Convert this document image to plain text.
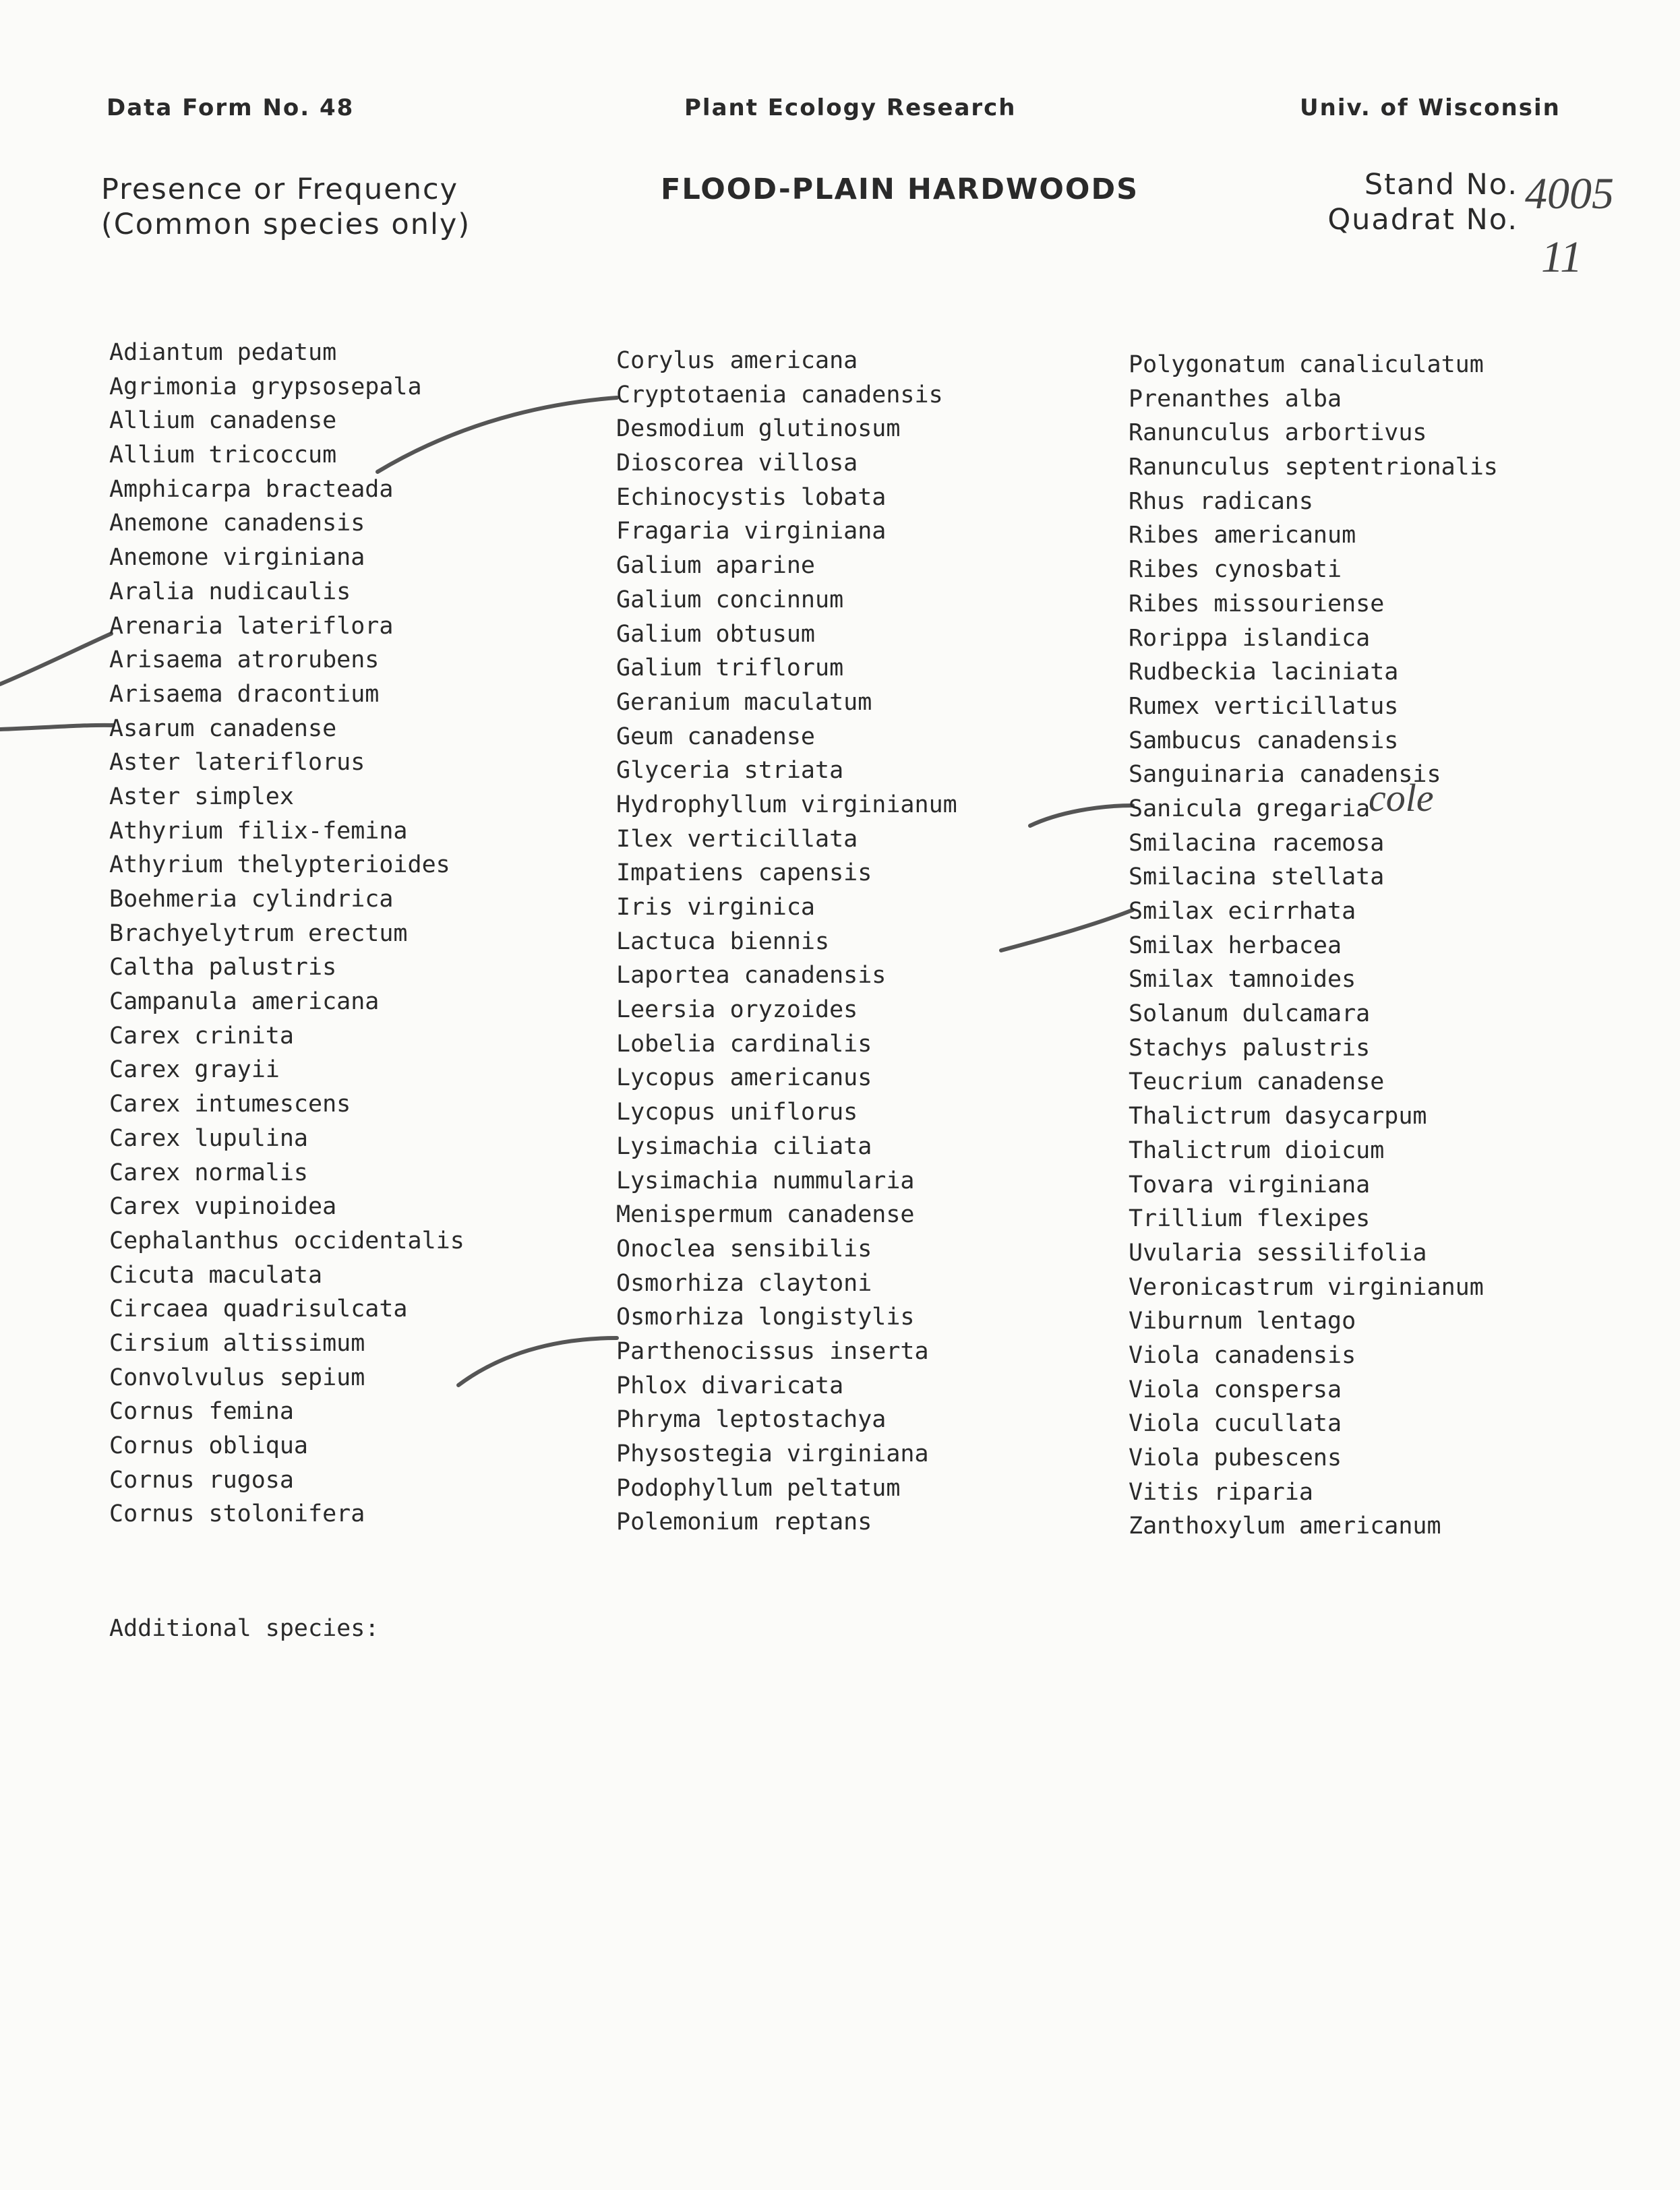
Data Form No. 48	Plant Ecology Research	Univ. of Wisconsin
Presence or Frequency
(Common species only)
FLOOD-PLAIN HARDWOODS	Stand No.
Quadrat No.
4005
11
cole
Adiantum pedatum
Agrimonia grypsosepala
Allium canadense
Allium tricoccum
Amphicarpa bracteada
Anemone canadensis
Anemone virginiana
Aralia nudicaulis
Arenaria lateriflora
Arisaema atrorubens
Arisaema dracontium
Asarum canadense
Aster lateriflorus
Aster simplex
Athyrium filix-femina
Athyrium thelypterioides
Boehmeria cylindrica
Brachyelytrum erectum
Caltha palustris
Campanula americana
Carex crinita
Carex grayii
Carex intumescens
Carex lupulina
Carex normalis
Carex vupinoidea
Cephalanthus occidentalis
Cicuta maculata
Circaea quadrisulcata
Cirsium altissimum
Convolvulus sepium
Cornus femina
Cornus obliqua
Cornus rugosa
Cornus stolonifera
Corylus americana
Cryptotaenia canadensis
Desmodium glutinosum
Dioscorea villosa
Echinocystis lobata
Fragaria virginiana
Galium aparine
Galium concinnum
Galium obtusum
Galium triflorum
Geranium maculatum
Geum canadense
Glyceria striata
Hydrophyllum virginianum
Ilex verticillata
Impatiens capensis
Iris virginica
Lactuca biennis
Laportea canadensis
Leersia oryzoides
Lobelia cardinalis
Lycopus americanus
Lycopus uniflorus
Lysimachia ciliata
Lysimachia nummularia
Menispermum canadense
Onoclea sensibilis
Osmorhiza claytoni
Osmorhiza longistylis
Parthenocissus inserta
Phlox divaricata
Phryma leptostachya
Physostegia virginiana
Podophyllum peltatum
Polemonium reptans
Polygonatum canaliculatum
Prenanthes alba
Ranunculus arbortivus
Ranunculus septentrionalis
Rhus radicans
Ribes americanum
Ribes cynosbati
Ribes missouriense
Rorippa islandica
Rudbeckia laciniata
Rumex verticillatus
Sambucus canadensis
Sanguinaria canadensis
Sanicula gregaria
Smilacina racemosa
Smilacina stellata
Smilax ecirrhata
Smilax herbacea
Smilax tamnoides
Solanum dulcamara
Stachys palustris
Teucrium canadense
Thalictrum dasycarpum
Thalictrum dioicum
Tovara virginiana
Trillium flexipes
Uvularia sessilifolia
Veronicastrum virginianum
Viburnum lentago
Viola canadensis
Viola conspersa
Viola cucullata
Viola pubescens
Vitis riparia
Zanthoxylum americanum
Additional species:
